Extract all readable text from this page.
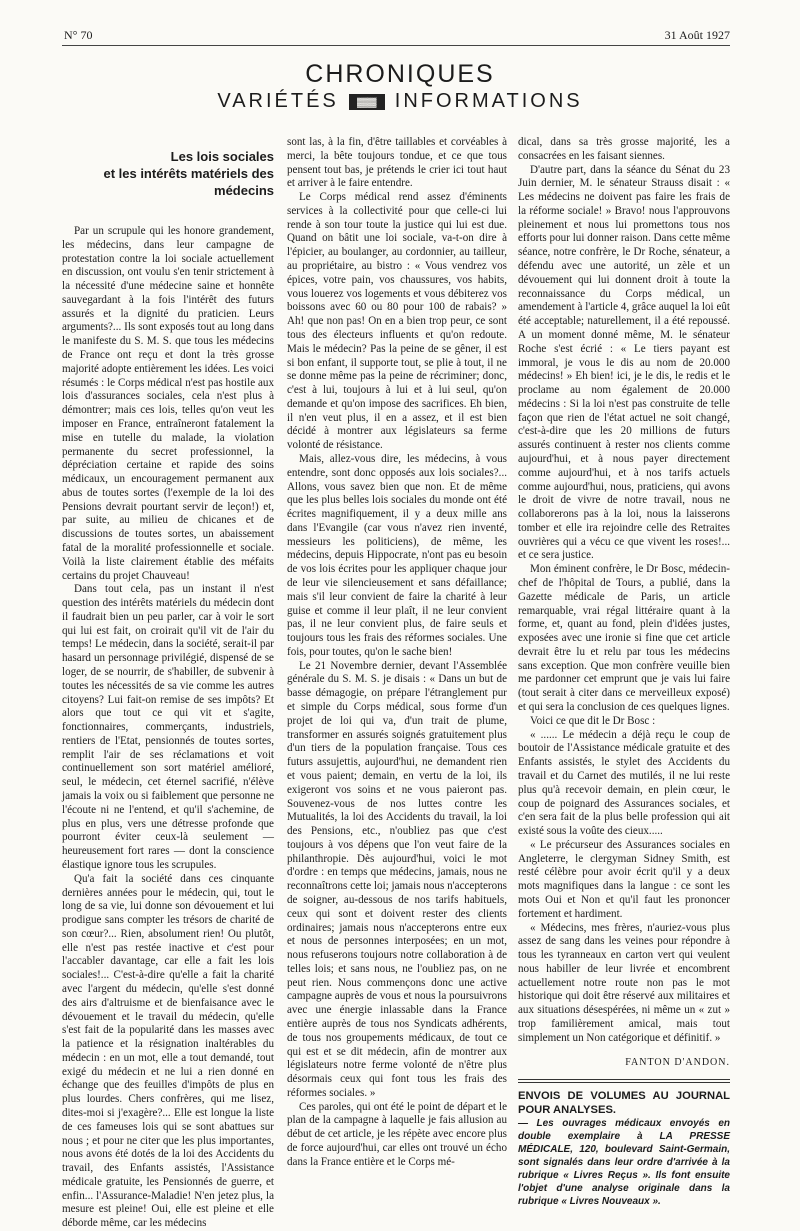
N° 70	31 Août 1927
CHRONIQUES
VARIÉTÉS	▓▓▓ INFORMATIONS
Les lois sociales
et les intérêts matériels des médecins

Par un scrupule qui les honore grandement, les médecins, dans leur campagne de protestation contre la loi sociale actuellement en discussion, ont voulu s'en tenir strictement à la nécessité d'une médecine saine et honnête sauvegardant à la fois l'intérêt des futurs assurés et la dignité du praticien. Leurs arguments?... Ils sont exposés tout au long dans le manifeste du S. M. S. que tous les médecins de France ont reçu et dont la très grosse majorité adopte entièrement les idées. Les voici résumés : le Corps médical n'est pas hostile aux lois d'assurances sociales, cela n'est plus à démontrer; mais ces lois, telles qu'on veut les imposer en France, entraîneront fatalement la mise en tutelle du malade, la violation permanente du secret professionnel, la dépréciation certaine et rapide des soins médicaux, un encouragement permanent aux abus de toutes sortes (l'exemple de la loi des Pensions devrait pourtant servir de leçon!) et, par suite, au milieu de chicanes et de discussions de toutes sortes, un abaissement fatal de la moralité professionnelle et sociale. Voilà la liste clairement établie des méfaits certains du projet Chauveau!

Dans tout cela, pas un instant il n'est question des intérêts matériels du médecin dont il faudrait bien un peu parler, car à voir le sort qui lui est fait, on croirait qu'il vit de l'air du temps! Le médecin, dans la société, serait-il par hasard un personnage privilégié, dispensé de se loger, de se nourrir, de s'habiller, de subvenir à toutes les nécessités de sa vie comme les autres citoyens? Lui fait-on remise de ses impôts? Et alors que tout ce qui vit et s'agite, fonctionnaires, commerçants, industriels, rentiers de l'Etat, pensionnés de toutes sortes, remplit l'air de ses réclamations et voit continuellement son sort matériel amélioré, seul, le médecin, cet éternel sacrifié, n'élève jamais la voix ou si faiblement que personne ne l'écoute ni ne l'entend, et qu'il s'achemine, de plus en plus, vers une détresse profonde que pourront éviter ceux-là seulement — heureusement fort rares — dont la conscience élastique ignore tous les scrupules.

Qu'a fait la société dans ces cinquante dernières années pour le médecin, qui, tout le long de sa vie, lui donne son dévouement et lui prodigue sans compter les trésors de charité de son cœur?... Rien, absolument rien! Ou plutôt, elle n'est pas restée inactive et c'est pour l'accabler davantage, car elle a fait les lois sociales!... C'est-à-dire qu'elle a fait la charité avec l'argent du médecin, qu'elle s'est donné des airs d'altruisme et de bienfaisance avec le dévouement et le travail du médecin, qu'elle s'est fait de la popularité dans les masses avec la patience et la résignation inaltérables du médecin : en un mot, elle a tout demandé, tout exigé du médecin et ne lui a rien donné en échange que des feuilles d'impôts de plus en plus lourdes. Chers confrères, qui me lisez, dites-moi si j'exagère?... Elle est longue la liste de ces fameuses lois qui se sont abattues sur nous ; et pour ne citer que les plus importantes, nous avons été dotés de la loi des Accidents du travail, des Enfants assistés, l'Assistance médicale gratuite, les Pensionnés de guerre, et enfin... l'Assurance-Maladie! N'en jetez plus, la mesure est pleine! Oui, elle est pleine et elle déborde même, car les médecins

sont las, à la fin, d'être taillables et corvéables à merci, la bête toujours tondue, et ce que tous pensent tout bas, je prétends le crier ici tout haut et arriver à le faire entendre.

Le Corps médical rend assez d'éminents services à la collectivité pour que celle-ci lui rende à son tour toute la justice qui lui est due. Quand on bâtit une loi sociale, va-t-on dire à l'épicier, au boulanger, au cordonnier, au tailleur, au propriétaire, au bistro : « Vous vendrez vos épices, votre pain, vos chaussures, vos habits, vous louerez vos logements et vous débiterez vos boissons avec 60 ou 80 pour 100 de rabais? » Ah! que non pas! On en a bien trop peur, ce sont tous des électeurs influents et qu'on redoute. Mais le médecin? Pas la peine de se gêner, il est si bon enfant, il supporte tout, se plie à tout, il ne se donne même pas la peine de récriminer; donc, c'est à lui, toujours à lui et à lui seul, qu'on demande et qu'on impose des sacrifices. Eh bien, il n'en veut plus, il en a assez, et il est bien décidé à montrer aux législateurs sa ferme volonté de résistance.

Mais, allez-vous dire, les médecins, à vous entendre, sont donc opposés aux lois sociales?... Allons, vous savez bien que non. Et de même que les plus belles lois sociales du monde ont été écrites magnifiquement, il y a deux mille ans dans l'Evangile (car vous n'avez rien inventé, messieurs les politiciens), de même, les médecins, depuis Hippocrate, n'ont pas eu besoin de vos lois écrites pour les appliquer chaque jour de leur vie silencieusement et sans défaillance; mais s'il leur convient de faire la charité à leur guise et comme il leur plaît, il ne leur convient pas, il ne leur convient plus, de faire seuls et toujours tous les frais des réformes sociales. Une fois, pour toutes, qu'on le sache bien!

Le 21 Novembre dernier, devant l'Assemblée générale du S. M. S. je disais : « Dans un but de basse démagogie, on prépare l'étranglement pur et simple du Corps médical, sous forme d'un projet de loi qui va, d'un trait de plume, transformer en assurés soignés gratuitement plus d'un tiers de la population française. Tous ces futurs assujettis, aujourd'hui, ne demandent rien et vous paient; demain, en vertu de la loi, ils exigeront vos soins et ne vous paieront pas. Souvenez-vous de nos luttes contre les Mutualités, la loi des Accidents du travail, la loi des Pensions, etc., n'oubliez pas que c'est toujours à vos dépens que l'on veut faire de la philanthropie. Dès aujourd'hui, voici le mot d'ordre : en temps que médecins, jamais, nous ne reconnaîtrons cette loi; jamais nous n'accepterons de soigner, au-dessous de nos tarifs habituels, ceux qui sont et doivent rester des clients ordinaires; jamais nous n'accepterons entre eux et nous de personnes interposées; en un mot, nous refuserons toujours notre collaboration à de telles lois; et sans nous, ne l'oubliez pas, on ne peut rien. Nous commençons donc une active campagne auprès de vous et nous la poursuivrons avec une énergie inlassable dans la France entière auprès de tous nos Syndicats adhérents, de tous nos groupements médicaux, de tout ce qui est et se dit médecin, afin de montrer aux législateurs notre ferme volonté de n'être plus désormais ceux qui font tous les frais des réformes sociales. »

Ces paroles, qui ont été le point de départ et le plan de la campagne à laquelle je fais allusion au début de cet article, je les répète avec encore plus de force aujourd'hui, car elles ont trouvé un écho dans la France entière et le Corps mé-

dical, dans sa très grosse majorité, les a consacrées en les faisant siennes.

D'autre part, dans la séance du Sénat du 23 Juin dernier, M. le sénateur Strauss disait : « Les médecins ne doivent pas faire les frais de la réforme sociale! » Bravo! nous l'approuvons pleinement et nous lui promettons tous nos efforts pour lui donner raison. Dans cette même séance, notre confrère, le Dr Roche, sénateur, a défendu avec une autorité, un zèle et un dévouement qui lui donnent droit à toute la reconnaissance du Corps médical, un amendement à l'article 4, grâce auquel la loi eût été acceptable; naturellement, il a été repoussé. A un moment donné même, M. le sénateur Roche s'est écrié : « Le tiers payant est immoral, je vous le dis au nom de 20.000 médecins! » Eh bien! ici, je le dis, le redis et le proclame au nom également de 20.000 médecins : Si la loi n'est pas construite de telle façon que rien de l'état actuel ne soit changé, c'est-à-dire que les 20 millions de futurs assurés continuent à rester nos clients comme aujourd'hui, et à nous payer directement comme aujourd'hui, et à nos tarifs actuels comme aujourd'hui, nous, praticiens, qui avons le droit de vivre de notre travail, nous ne collaborerons pas à la loi, nous la laisserons tomber et elle ira rejoindre celle des Retraites ouvrières qui a vécu ce que vivent les roses!... et ce sera justice.

Mon éminent confrère, le Dr Bosc, médecin-chef de l'hôpital de Tours, a publié, dans la Gazette médicale de Paris, un article remarquable, vrai régal littéraire quant à la forme, et, quant au fond, plein d'idées justes, exposées avec une ironie si fine que cet article devrait être lu et relu par tous les médecins sans exception. Que mon confrère veuille bien me pardonner cet emprunt que je vais lui faire (tout serait à citer dans ce merveilleux exposé) et qui sera la conclusion de ces quelques lignes.

Voici ce que dit le Dr Bosc :

« ...... Le médecin a déjà reçu le coup de boutoir de l'Assistance médicale gratuite et des Enfants assistés, le stylet des Accidents du travail et du Carnet des mutilés, il ne lui reste plus qu'à recevoir demain, en plein cœur, le coup de poignard des Assurances sociales, et c'en sera fait de la plus belle profession qui ait existé sous la voûte des cieux.....

« Le précurseur des Assurances sociales en Angleterre, le clergyman Sidney Smith, est resté célèbre pour avoir écrit qu'il y a deux mots magnifiques dans la langue : ce sont les mots Oui et Non et qu'il faut les prononcer fortement et hardiment.

« Médecins, mes frères, n'auriez-vous plus assez de sang dans les veines pour répondre à tous les tyranneaux en carton vert qui veulent nous habiller de leur livrée et encombrent actuellement notre route non pas le mot historique qui doit être réservé aux militaires et aux situations désespérées, ni même un « zut » trop familièrement amical, mais tout simplement un Non catégorique et définitif. »

FANTON D'ANDON.

ENVOIS DE VOLUMES AU JOURNAL POUR ANALYSES.

— Les ouvrages médicaux envoyés en double exemplaire à LA PRESSE MÉDICALE, 120, boulevard Saint-Germain, sont signalés dans leur ordre d'arrivée à la rubrique « Livres Reçus ». Ils font ensuite l'objet d'une analyse originale dans la rubrique « Livres Nouveaux ».
